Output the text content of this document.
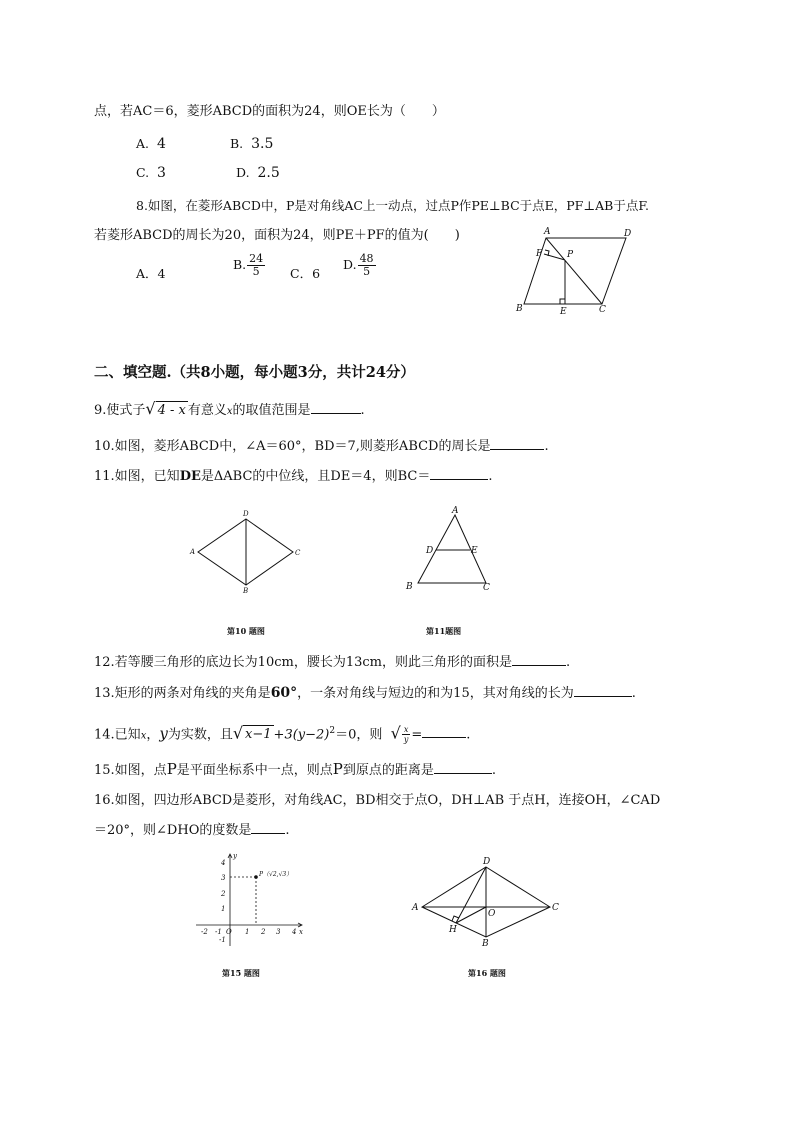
点，若AC＝6，菱形ABCD的面积为24，则OE长为（　　）
A. 4	B. 3.5
C. 3	D. 2.5
8.如图，在菱形ABCD中，P是对角线AC上一动点，过点P作PE⊥BC于点E，PF⊥AB于点F.
若菱形ABCD的周长为20，面积为24，则PE＋PF的值为(　　)
A．4
B. $\frac{24}{5}$ C．6
D. $\frac{48}{5}$
A	D
F	P
B	E	C
二、填空题.（共8小题，每小题3分，共计24分）
9.使式子√ 4 - x 有意义x的取值范围是	.
10.如图，菱形ABCD中，∠A＝60°，BD＝7,则菱形ABCD的周长是	.
11.如图，已知DE是ΔABC的中位线，且DE＝4，则BC＝	.
D
A	C
B
A
D	E
B	C
第10 题图	第11题图
12.若等腰三角形的底边长为10cm，腰长为13cm，则此三角形的面积是	.
13.矩形的两条对角线的夹角是60°，一条对角线与短边的和为15，其对角线的长为	.
14.已知x，y为实数，且√ $x-1 +3(y-2)^2=0$，则 √ $\frac{x}{y}$ =	.
15.如图，点P是平面坐标系中一点，则点P到原点的距离是	.
16.如图，四边形ABCD是菱形，对角线AC，BD相交于点O，DH⊥AB 于点H，连接OH，∠CAD
＝20°，则∠DHO的度数是	.
4
3
2
1
-1
-2 -1 O 1 2 3 4 x
y
P（√2,√3）
第15 题图
D
A	C
O
H
B
第16 题图
